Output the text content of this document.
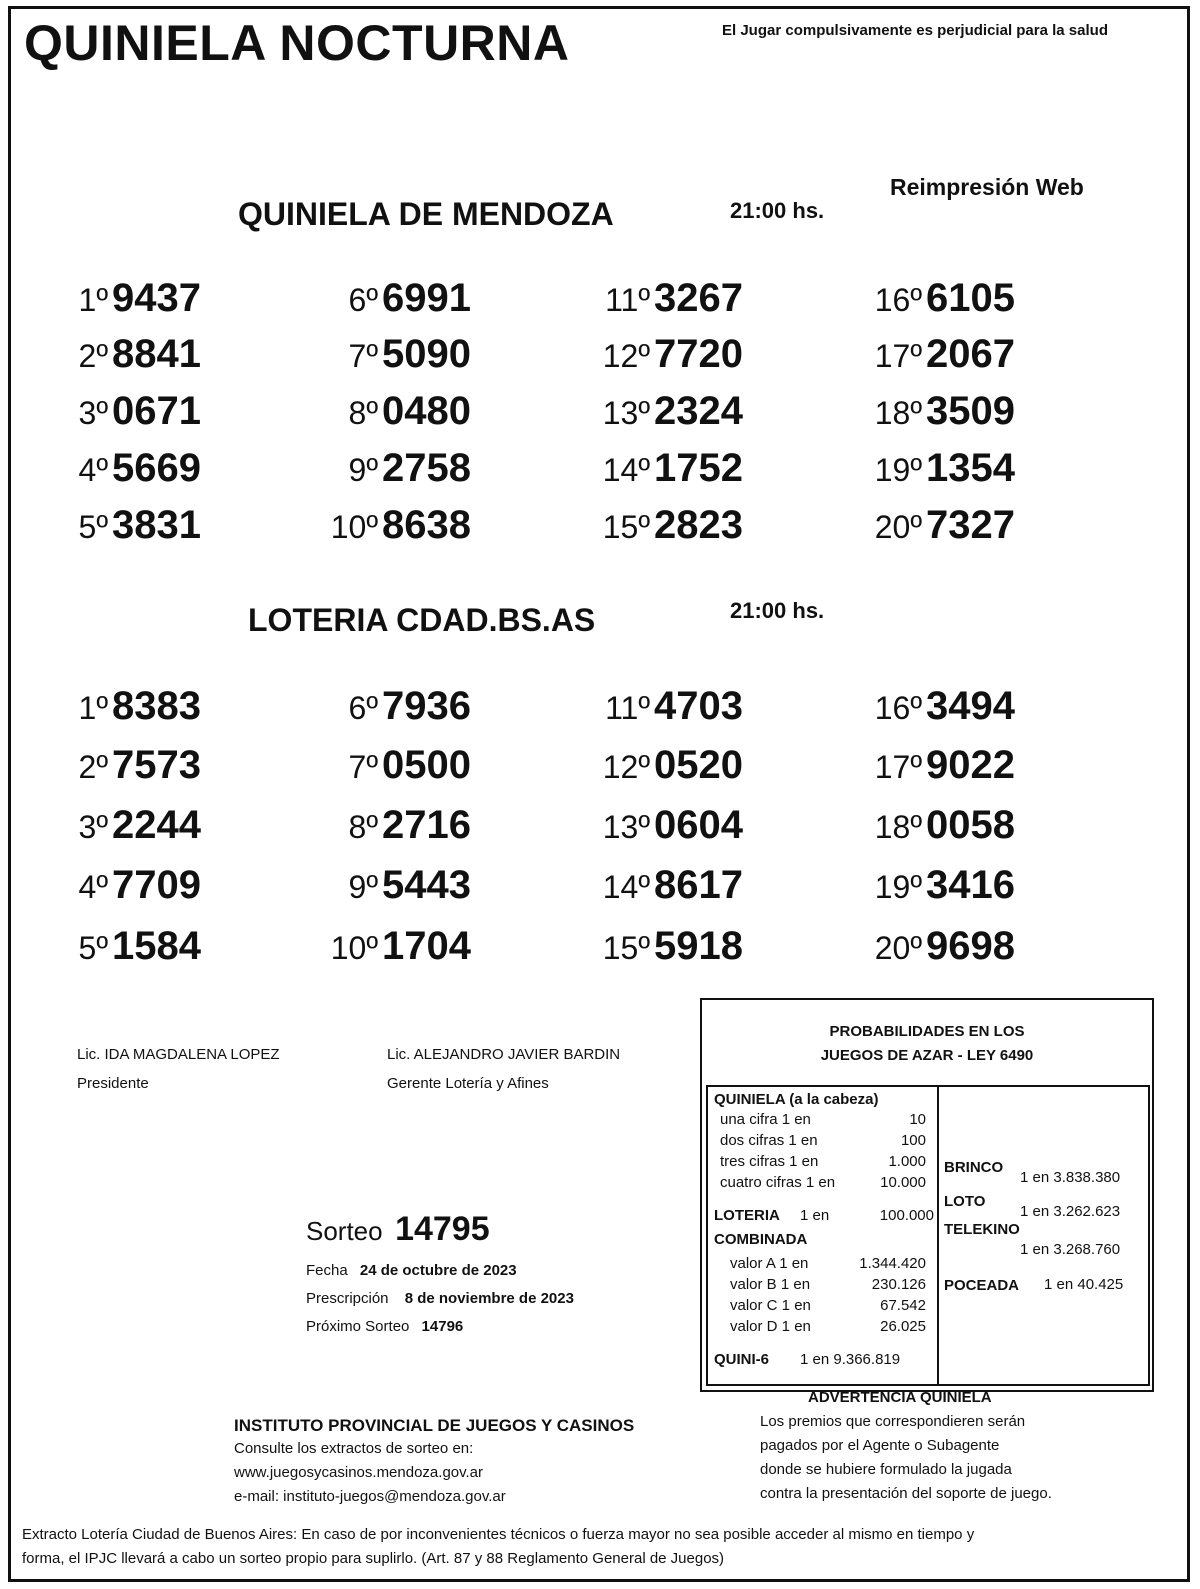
QUINIELA NOCTURNA	El Jugar compulsivamente es perjudicial para la salud
Reimpresión Web
QUINIELA DE MENDOZA	21:00 hs.
1º 9437
2º 8841
3º 0671
4º 5669
5º 3831
6º 6991
7º 5090
8º 0480
9º 2758
10º 8638
11º 3267
12º 7720
13º 2324
14º 1752
15º 2823
16º 6105
17º 2067
18º 3509
19º 1354
20º 7327
LOTERIA CDAD.BS.AS	21:00 hs.
1º 8383
2º 7573
3º 2244
4º 7709
5º 1584
6º 7936
7º 0500
8º 2716
9º 5443
10º 1704
11º 4703
12º 0520
13º 0604
14º 8617
15º 5918
16º 3494
17º 9022
18º 0058
19º 3416
20º 9698
Lic. IDA MAGDALENA LOPEZ
Presidente
Lic. ALEJANDRO JAVIER BARDIN
Gerente Lotería y Afines
Sorteo 14795
Fecha 24 de octubre de 2023
Prescripción 8 de noviembre de 2023
Próximo Sorteo 14796
PROBABILIDADES EN LOS
JUEGOS DE AZAR - LEY 6490
QUINIELA (a la cabeza)
una cifra 1 en	10
dos cifras 1 en	100
tres cifras 1 en	1.000
cuatro cifras 1 en	10.000
LOTERIA 1 en	100.000
COMBINADA
valor A 1 en	1.344.420
valor B 1 en	230.126
valor C 1 en	67.542
valor D 1 en	26.025
QUINI-6 1 en 9.366.819
BRINCO
1 en 3.838.380
LOTO
1 en 3.262.623
TELEKINO
1 en 3.268.760
POCEADA 1 en 40.425
INSTITUTO PROVINCIAL DE JUEGOS Y CASINOS
Consulte los extractos de sorteo en:
www.juegosycasinos.mendoza.gov.ar
e-mail: instituto-juegos@mendoza.gov.ar
ADVERTENCIA QUINIELA
Los premios que correspondieren serán
pagados por el Agente o Subagente
donde se hubiere formulado la jugada
contra la presentación del soporte de juego.
Extracto Lotería Ciudad de Buenos Aires: En caso de por inconvenientes técnicos o fuerza mayor no sea posible acceder al mismo en tiempo y
forma, el IPJC llevará a cabo un sorteo propio para suplirlo. (Art. 87 y 88 Reglamento General de Juegos)
